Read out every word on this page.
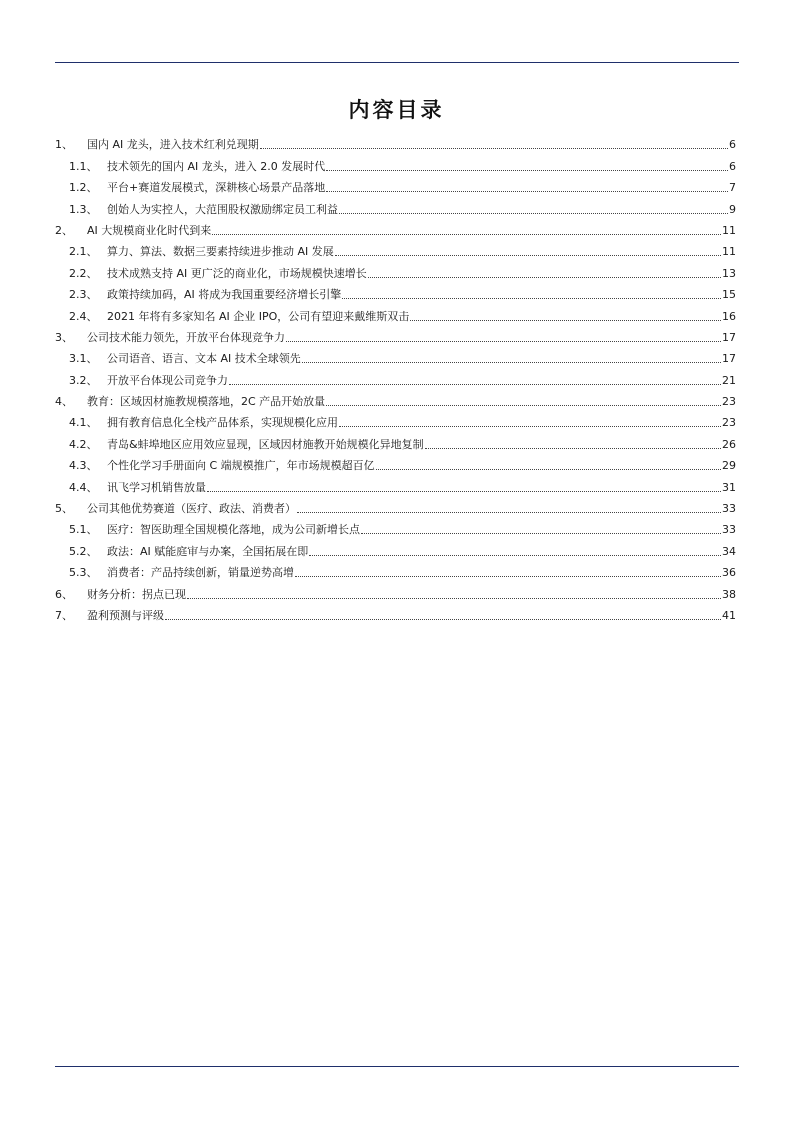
内容目录
1、	国内 AI 龙头，进入技术红利兑现期	6
1.1、 技术领先的国内 AI 龙头，进入 2.0 发展时代	6
1.2、 平台+赛道发展模式，深耕核心场景产品落地	7
1.3、 创始人为实控人，大范围股权激励绑定员工利益	9
2、	AI 大规模商业化时代到来	11
2.1、 算力、算法、数据三要素持续进步推动 AI 发展	11
2.2、 技术成熟支持 AI 更广泛的商业化，市场规模快速增长	13
2.3、 政策持续加码，AI 将成为我国重要经济增长引擎	15
2.4、 2021 年将有多家知名 AI 企业 IPO，公司有望迎来戴维斯双击	16
3、	公司技术能力领先，开放平台体现竞争力	17
3.1、 公司语音、语言、文本 AI 技术全球领先	17
3.2、 开放平台体现公司竞争力	21
4、	教育：区域因材施教规模落地，2C 产品开始放量	23
4.1、 拥有教育信息化全栈产品体系，实现规模化应用	23
4.2、 青岛&蚌埠地区应用效应显现，区域因材施教开始规模化异地复制	26
4.3、 个性化学习手册面向 C 端规模推广，年市场规模超百亿	29
4.4、 讯飞学习机销售放量	31
5、	公司其他优势赛道（医疗、政法、消费者）	33
5.1、 医疗：智医助理全国规模化落地，成为公司新增长点	33
5.2、 政法：AI 赋能庭审与办案，全国拓展在即	34
5.3、 消费者：产品持续创新，销量逆势高增	36
6、	财务分析：拐点已现	38
7、	盈利预测与评级	41
